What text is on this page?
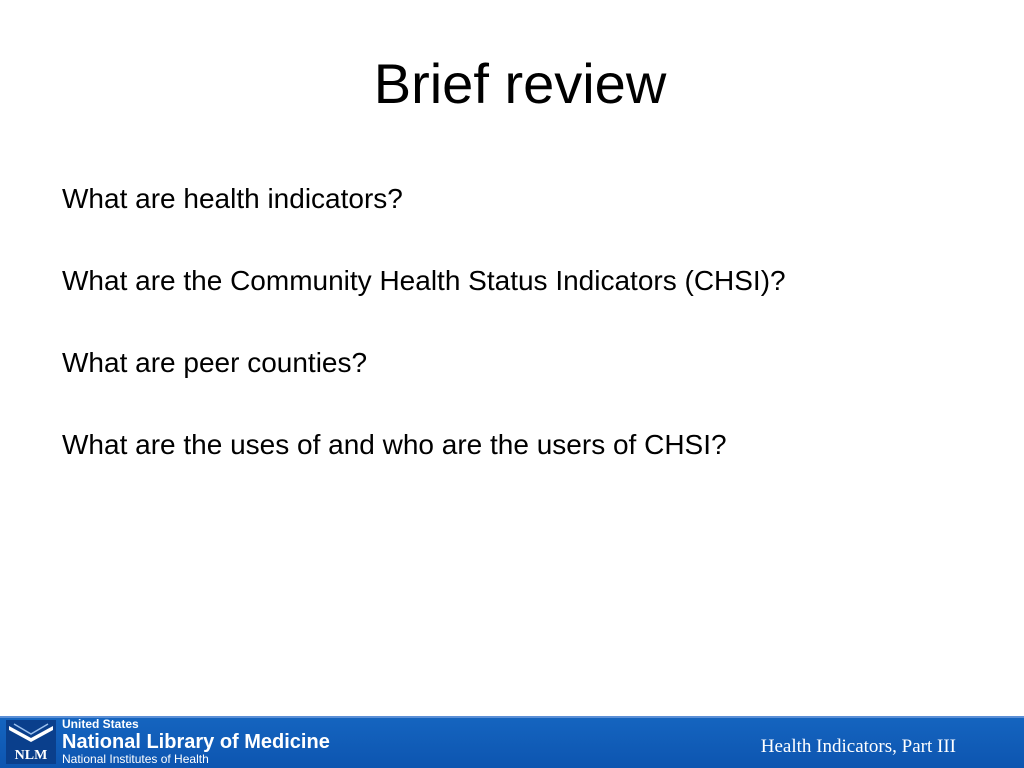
Brief review
What are health indicators?
What are the Community Health Status Indicators (CHSI)?
What are peer counties?
What are the uses of and who are the users of CHSI?
NLM
United States
National Library of Medicine
National Institutes of Health
Health Indicators, Part III
